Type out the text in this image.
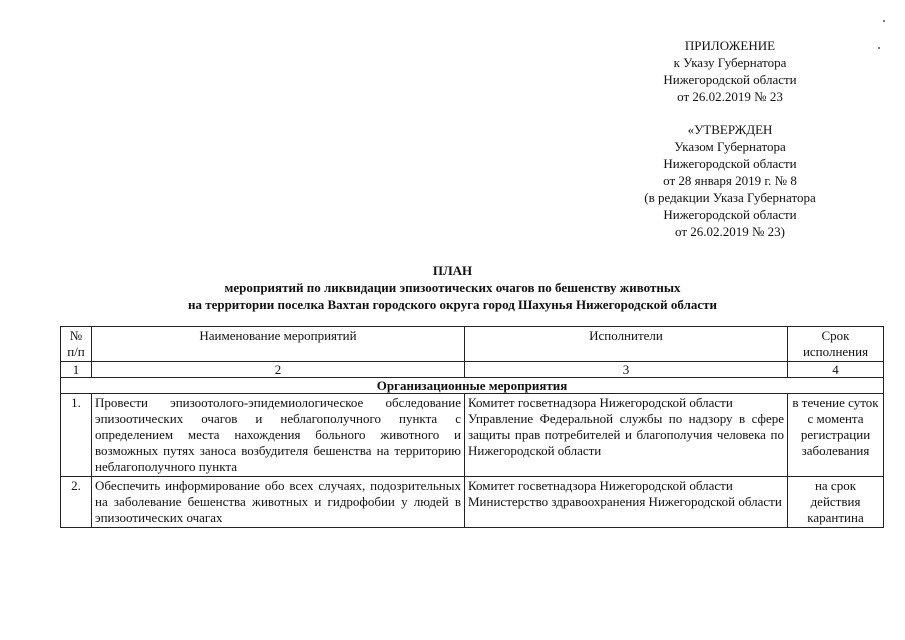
ПРИЛОЖЕНИЕ
к Указу Губернатора
Нижегородской области
от 26.02.2019 № 23
«УТВЕРЖДЕН
Указом Губернатора
Нижегородской области
от 28 января 2019 г. № 8
(в редакции Указа Губернатора
Нижегородской области
от 26.02.2019 № 23)
ПЛАН
мероприятий по ликвидации эпизоотических очагов по бешенству животных
на территории поселка Вахтан городского округа город Шахунья Нижегородской области
№
п/п	Наименование мероприятий	Исполнители	Срок
исполнения

1	2	3	4
Организационные мероприятия			
1.	Провести эпизоотолого-эпидемиологическое обследование эпизоотических очагов и неблагополучного пункта с определением места нахождения больного животного и возможных путях заноса возбудителя бешенства на территорию неблагополучного пункта	Комитет госветнадзора Нижегородской области
Управление Федеральной службы по надзору в сфере защиты прав потребителей и благополучия человека по Нижегородской области	в течение суток с момента регистрации заболевания
2.	Обеспечить информирование обо всех случаях, подозрительных на заболевание бешенства животных и гидрофобии у людей в эпизоотических очагах	Комитет госветнадзора Нижегородской области
Министерство здравоохранения Нижегородской области	на срок действия карантина
